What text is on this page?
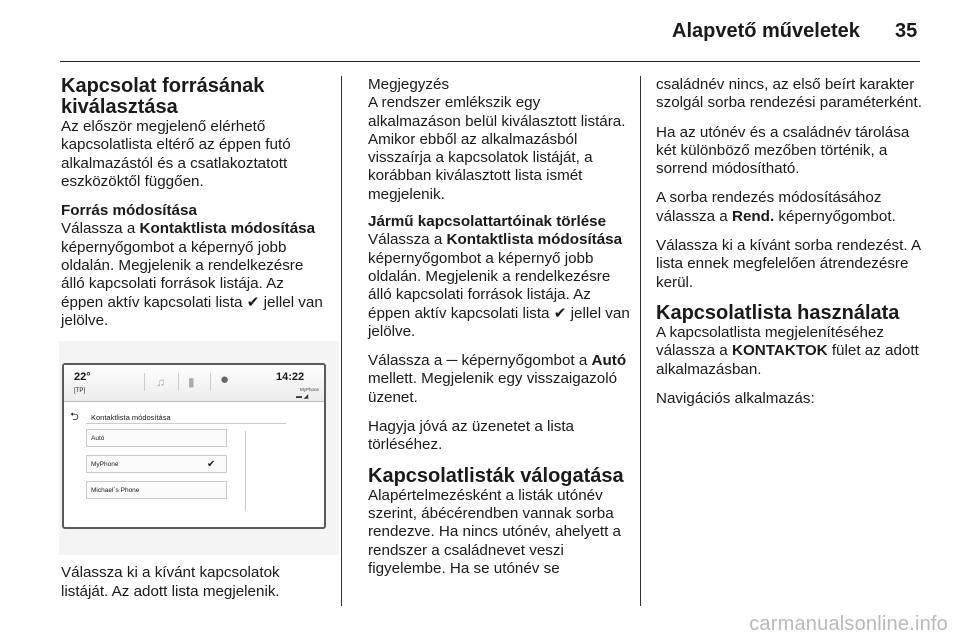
Alapvető műveletek 35
Kapcsolat forrásának kiválasztása

Az először megjelenő elérhető kapcsolatlista eltérő az éppen futó alkalmazástól és a csatlakoztatott eszközöktől függően.

Forrás módosítása

Válassza a Kontaktlista módosítása képernyőgombot a képernyő jobb oldalán. Megjelenik a rendelkezésre álló kapcsolati források listája. Az éppen aktív kapcsolati lista ✔ jellel van jelölve.

22°
[TP]
♫ ▮ ●	14:22
MyPhone
▬ ◢
⮌ Kontaktlista módosítása
Autó
MyPhone	✔
Michael´s Phone

Válassza ki a kívánt kapcsolatok listáját. Az adott lista megjelenik.

Megjegyzés
A rendszer emlékszik egy alkalmazáson belül kiválasztott listára. Amikor ebből az alkalmazásból visszaírja a kapcsolatok listáját, a korábban kiválasztott lista ismét megjelenik.
Jármű kapcsolattartóinak törlése

Válassza a Kontaktlista módosítása képernyőgombot a képernyő jobb oldalán. Megjelenik a rendelkezésre álló kapcsolati források listája. Az éppen aktív kapcsolati lista ✔ jellel van jelölve.

Válassza a ─ képernyőgombot a Autó mellett. Megjelenik egy visszaigazoló üzenet.

Hagyja jóvá az üzenetet a lista törléséhez.

Kapcsolatlisták válogatása

Alapértelmezésként a listák utónév szerint, ábécérendben vannak sorba rendezve. Ha nincs utónév, ahelyett a rendszer a családnevet veszi figyelembe. Ha se utónév se

családnév nincs, az első beírt karakter szolgál sorba rendezési paraméterként.

Ha az utónév és a családnév tárolása két különböző mezőben történik, a sorrend módosítható.

A sorba rendezés módosításához válassza a Rend. képernyőgombot.

Válassza ki a kívánt sorba rendezést. A lista ennek megfelelően átrendezésre kerül.

Kapcsolatlista használata

A kapcsolatlista megjelenítéséhez válassza a KONTAKTOK fület az adott alkalmazásban.

Navigációs alkalmazás:

carmanualsonline.info
